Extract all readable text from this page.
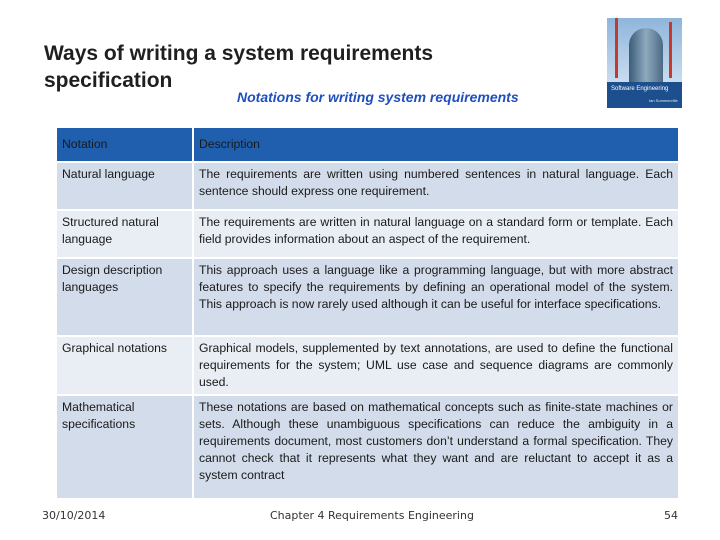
Ways of writing a system requirements specification
Notations for writing system requirements	Software Engineering
Ian Sommerville
Notation	Description
Natural language	The requirements are written using numbered sentences in natural language. Each sentence should express one requirement.
Structured natural language	The requirements are written in natural language on a standard form or template. Each field provides information about an aspect of the requirement.
Design description languages	This approach uses a language like a programming language, but with more abstract features to specify the requirements by defining an operational model of the system. This approach is now rarely used although it can be useful for interface specifications.
Graphical notations	Graphical models, supplemented by text annotations, are used to define the functional requirements for the system; UML use case and sequence diagrams are commonly used.
Mathematical specifications	These notations are based on mathematical concepts such as finite-state machines or sets. Although these unambiguous specifications can reduce the ambiguity in a requirements document, most customers don’t understand a formal specification. They cannot check that it represents what they want and are reluctant to accept it as a system contract
30/10/2014	Chapter 4 Requirements Engineering	54
